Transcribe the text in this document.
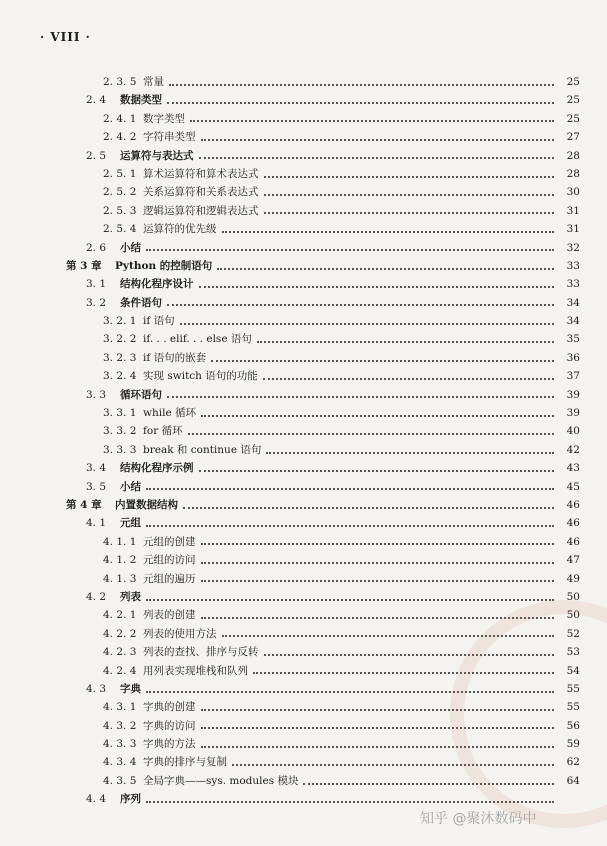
· VIII ·
2. 3. 5 常量	25
2. 4	数据类型	25
2. 4. 1 数字类型	25
2. 4. 2 字符串类型	27
2. 5	运算符与表达式	28
2. 5. 1 算术运算符和算术表达式	28
2. 5. 2 关系运算符和关系表达式	30
2. 5. 3 逻辑运算符和逻辑表达式	31
2. 5. 4 运算符的优先级	31
2. 6	小结	32
第 3 章	Python 的控制语句	33
3. 1	结构化程序设计	33
3. 2	条件语句	34
3. 2. 1 if 语句	34
3. 2. 2 if. . . elif. . . else 语句	35
3. 2. 3 if 语句的嵌套	36
3. 2. 4 实现 switch 语句的功能	37
3. 3	循环语句	39
3. 3. 1 while 循环	39
3. 3. 2 for 循环	40
3. 3. 3 break 和 continue 语句	42
3. 4	结构化程序示例	43
3. 5	小结	45
第 4 章	内置数据结构	46
4. 1	元组	46
4. 1. 1 元组的创建	46
4. 1. 2 元组的访问	47
4. 1. 3 元组的遍历	49
4. 2	列表	50
4. 2. 1 列表的创建	50
4. 2. 2 列表的使用方法	52
4. 2. 3 列表的查找、排序与反转	53
4. 2. 4 用列表实现堆栈和队列	54
4. 3	字典	55
4. 3. 1 字典的创建	55
4. 3. 2 字典的访问	56
4. 3. 3 字典的方法	59
4. 3. 4 字典的排序与复制	62
4. 3. 5 全局字典——sys. modules 模块	64
4. 4	序列
知乎 @聚沐数码中
